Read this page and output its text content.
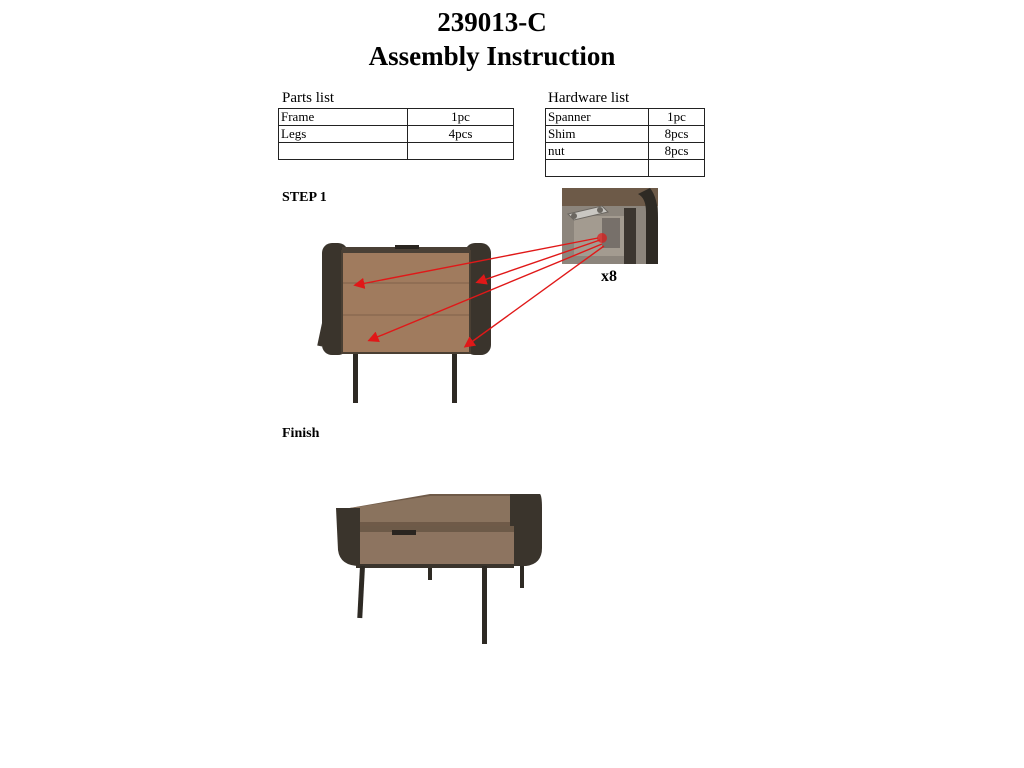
239013-C
Assembly Instruction
Parts list
Frame	1pc
Legs	4pcs

Hardware list
Spanner	1pc
Shim	8pcs
nut	8pcs

STEP 1
x8
Finish
